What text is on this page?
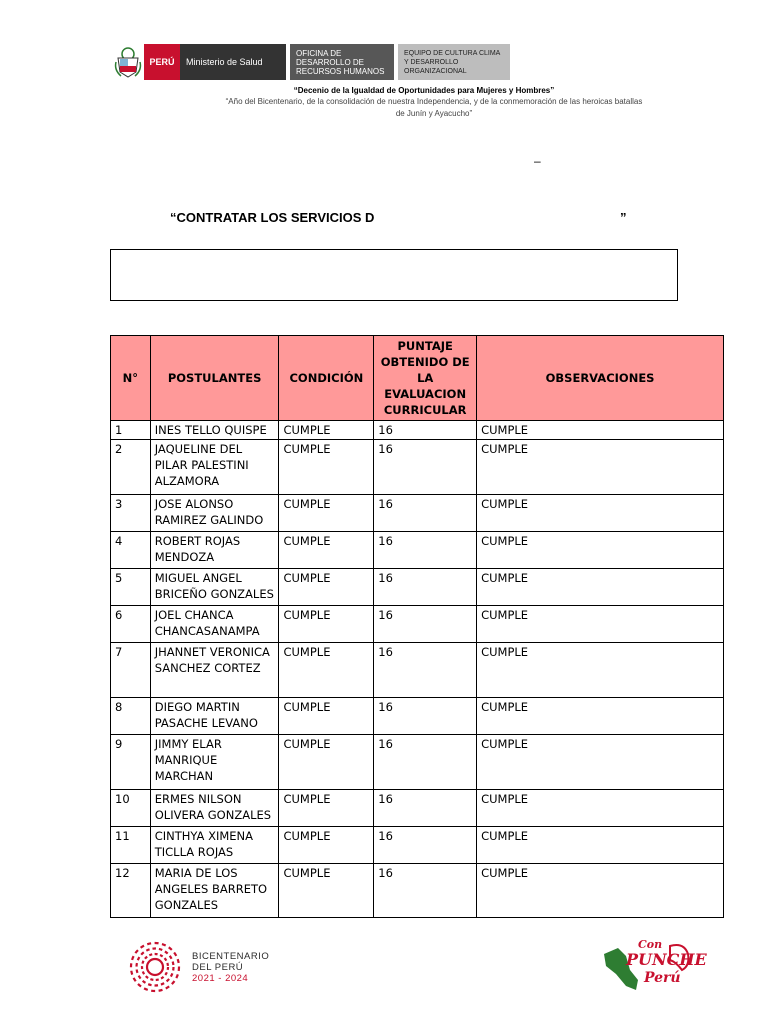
PERÚ Ministerio de Salud
OFICINA DE DESARROLLO DE RECURSOS HUMANOS
EQUIPO DE CULTURA CLIMA Y DESARROLLO ORGANIZACIONAL
“Decenio de la Igualdad de Oportunidades para Mujeres y Hombres”
“Año del Bicentenario, de la consolidación de nuestra Independencia, y de la conmemoración de las heroicas batallas
de Junín y Ayacucho”
–
“CONTRATAR LOS SERVICIOS D	”
N°	POSTULANTES	CONDICIÓN	PUNTAJE OBTENIDO DE LA EVALUACION CURRICULAR	OBSERVACIONES
1	INES TELLO QUISPE	CUMPLE	16	CUMPLE
2	JAQUELINE DEL PILAR PALESTINI ALZAMORA	CUMPLE	16	CUMPLE
3	JOSE ALONSO RAMIREZ GALINDO	CUMPLE	16	CUMPLE
4	ROBERT ROJAS MENDOZA	CUMPLE	16	CUMPLE
5	MIGUEL ANGEL BRICEÑO GONZALES	CUMPLE	16	CUMPLE
6	JOEL CHANCA CHANCASANAMPA	CUMPLE	16	CUMPLE
7	JHANNET VERONICA SANCHEZ CORTEZ	CUMPLE	16	CUMPLE
8	DIEGO MARTIN PASACHE LEVANO	CUMPLE	16	CUMPLE
9	JIMMY ELAR MANRIQUE MARCHAN	CUMPLE	16	CUMPLE
10	ERMES NILSON OLIVERA GONZALES	CUMPLE	16	CUMPLE
11	CINTHYA XIMENA TICLLA ROJAS	CUMPLE	16	CUMPLE
12	MARIA DE LOS ANGELES BARRETO GONZALES	CUMPLE	16	CUMPLE
BICENTENARIO
DEL PERÚ
2021 - 2024
Con
PUNCHE
Perú
